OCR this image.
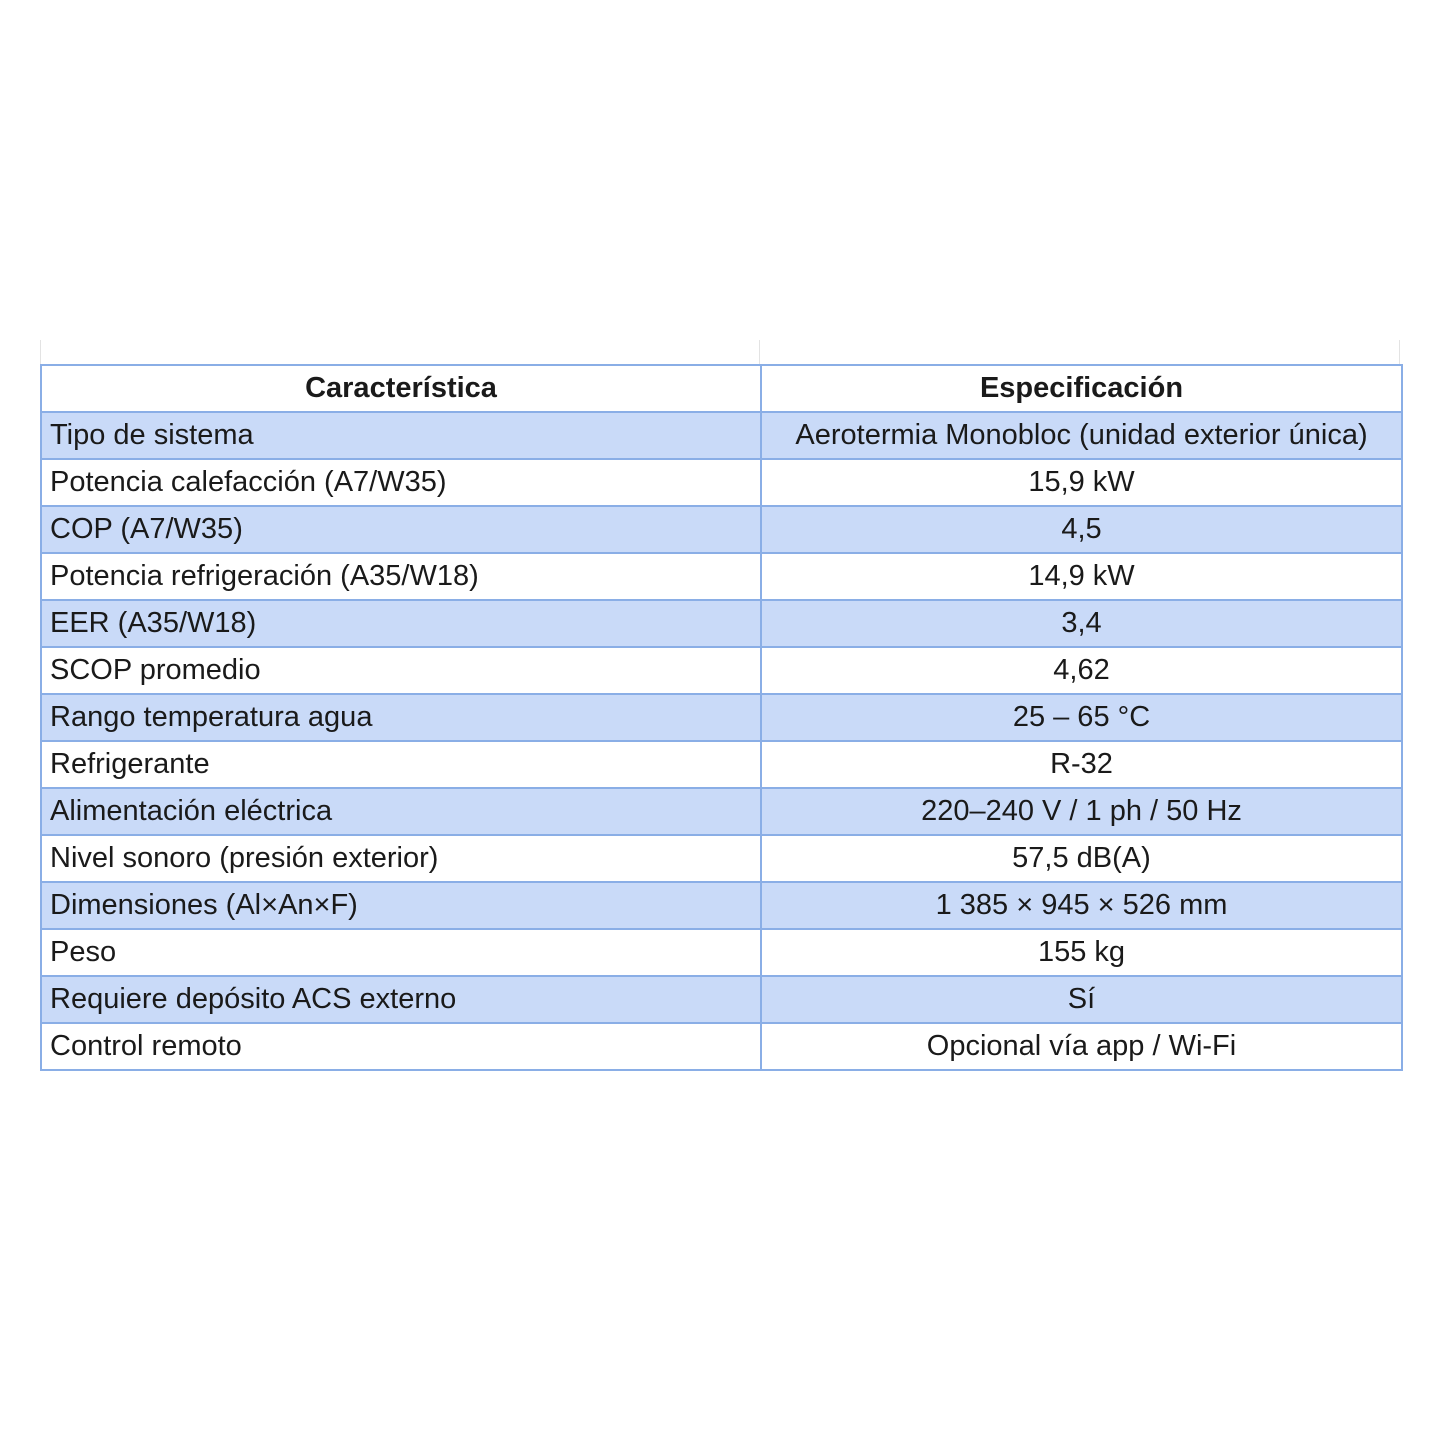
Característica	Especificación
Tipo de sistema	Aerotermia Monobloc (unidad exterior única)
Potencia calefacción (A7/W35)	15,9 kW
COP (A7/W35)	4,5
Potencia refrigeración (A35/W18)	14,9 kW
EER (A35/W18)	3,4
SCOP promedio	4,62
Rango temperatura agua	25 – 65 °C
Refrigerante	R-32
Alimentación eléctrica	220–240 V / 1 ph / 50 Hz
Nivel sonoro (presión exterior)	57,5 dB(A)
Dimensiones (Al×An×F)	1 385 × 945 × 526 mm
Peso	155 kg
Requiere depósito ACS externo	Sí
Control remoto	Opcional vía app / Wi-Fi
